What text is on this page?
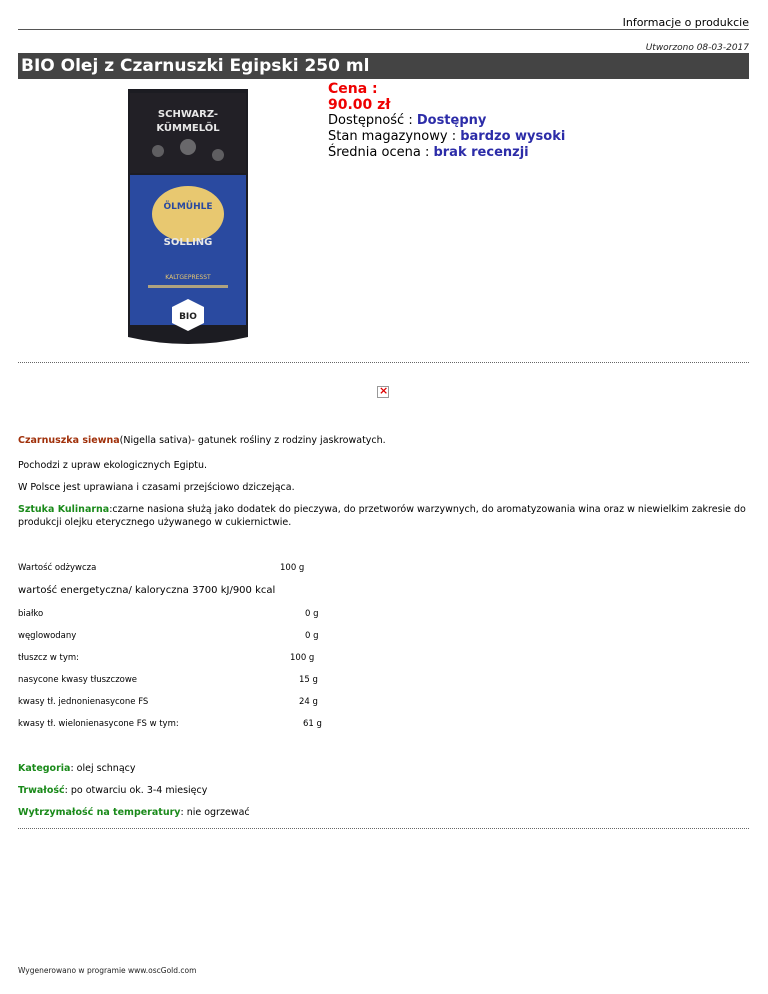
Informacje o produkcie
Utworzono 08-03-2017
BIO Olej z Czarnuszki Egipski 250 ml
SCHWARZ-
KÜMMELÖL
ÖLMÜHLE
SOLLING
KALTGEPRESST
BIO
Cena :
90.00 zł
Dostępność : Dostępny
Stan magazynowy : bardzo wysoki
Średnia ocena : brak recenzji
×
Czarnuszka siewna(Nigella sativa)- gatunek rośliny z rodziny jaskrowatych.
Pochodzi z upraw ekologicznych Egiptu.
W Polsce jest uprawiana i czasami przejściowo dziczejąca.
Sztuka Kulinarna:czarne nasiona służą jako dodatek do pieczywa, do przetworów warzywnych, do aromatyzowania wina oraz w niewielkim zakresie do produkcji olejku eterycznego używanego w cukiernictwie.
Wartość odżywcza	100 g
wartość energetyczna/ kaloryczna 3700 kJ/900 kcal
białko	0 g
węglowodany	0 g
tłuszcz w tym:	100 g
nasycone kwasy tłuszczowe	15 g
kwasy tł. jednonienasycone FS	24 g
kwasy tł. wielonienasycone FS w tym:	61 g
Kategoria: olej schnący
Trwałość: po otwarciu ok. 3-4 miesięcy
Wytrzymałość na temperatury: nie ogrzewać
Wygenerowano w programie www.oscGold.com
